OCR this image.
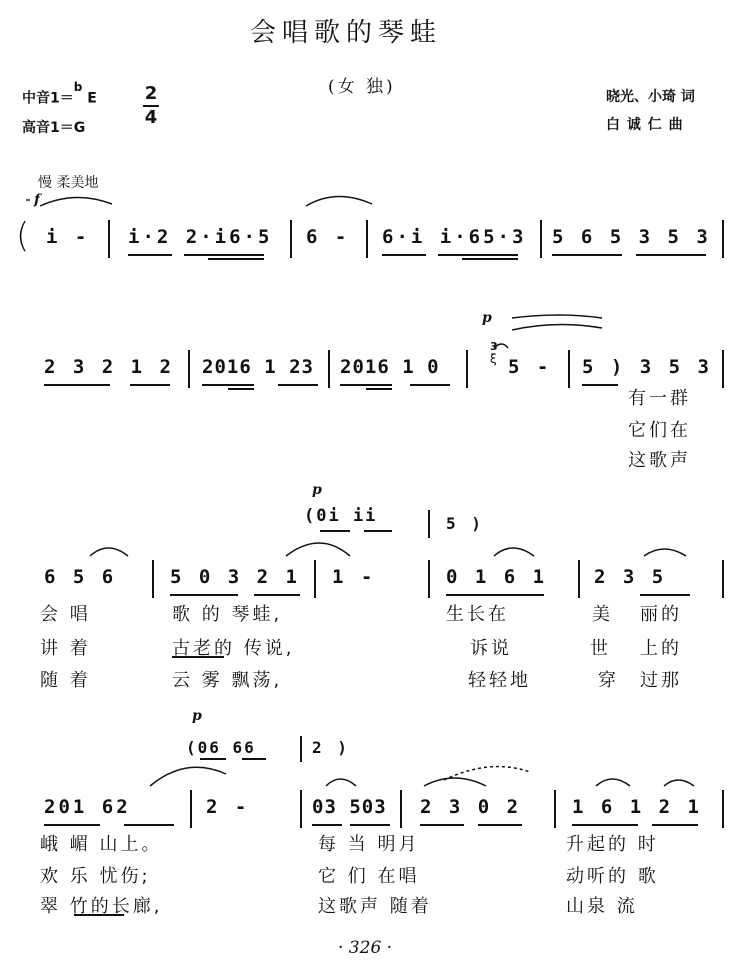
会唱歌的琴蛙
(女 独)
中音1＝$^b$ E
高音1＝G
2
4
晓光、小琦 词
白 诚 仁 曲
慢 柔美地
f
( i - i·2 2·i6·5 6 - 6·i i·65·3 5 6 5 3 5 3
p
2 3 2 1 2 2016 1 23 2016 1 0
3
ξ 5 - 5 ) 3 5 3
有一群
它们在
这歌声
p
(0i ii	5 )
6 5 6	5 0 3 2 1 1 -	0 1 6 1 2 3 5
会 唱	歌 的 琴蛙,	生长在	美 丽的
讲 着	古老的 传说,	诉说	世 上的
随 着	云 雾 飘荡,	轻轻地	穿 过那
p
(06 66	2 )
201 62	2 -	03 503 2 3 0 2	1 6 1 2 1
峨 嵋 山上。	每 当 明月	升起的 时
欢 乐 忧伤;	它 们 在唱	动听的 歌
翠 竹的长廊,	这歌声 随着	山泉 流
· 326 ·
